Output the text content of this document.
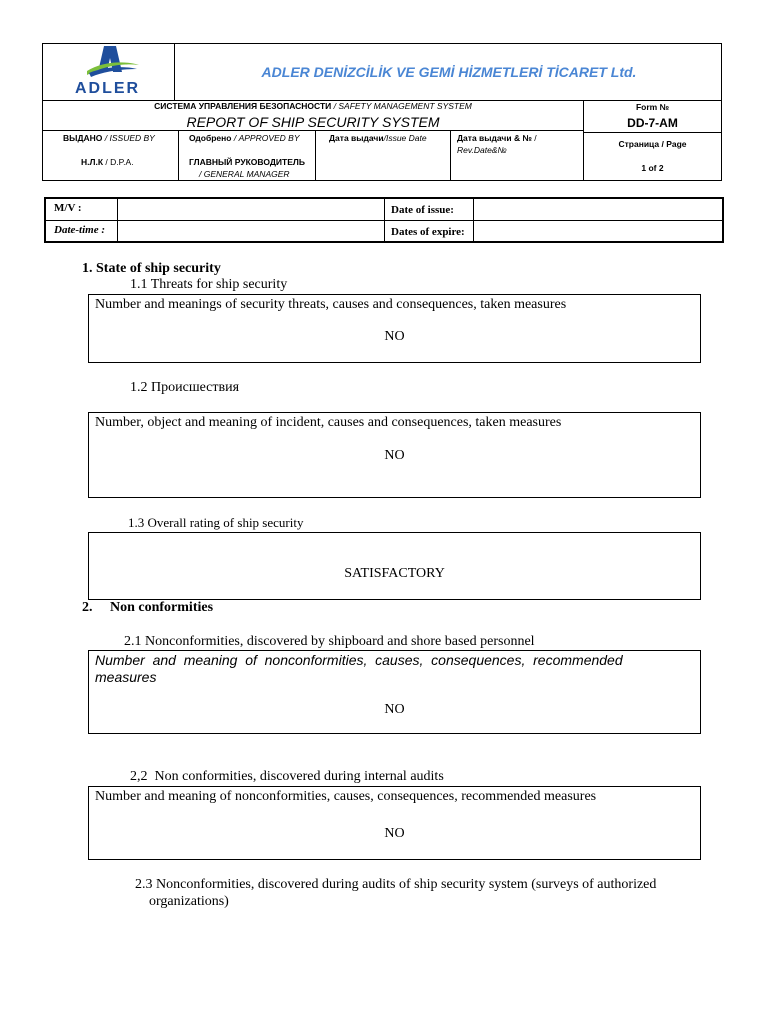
ADLER
ADLER DENİZCİLİK VE GEMİ HİZMETLERİ TİCARET Ltd.
СИСТЕМА УПРАВЛЕНИЯ БЕЗОПАСНОСТИ / SAFETY MANAGEMENT SYSTEM
REPORT OF SHIP SECURITY SYSTEM
Form №
DD-7-AM
ВЫДАНО / ISSUED BY
Н.Л.К / D.P.A.
Одобрено / APPROVED BY
ГЛАВНЫЙ РУКОВОДИТЕЛЬ
/ GENERAL MANAGER
Дата выдачи/Issue Date	Дата выдачи & № /
Rev.Date&№
Страница / Page
1 of 2
M/V :
Date-time :
Date of issue:
Dates of expire:
1. State of ship security
1.1 Threats for ship security
Number and meanings of security threats, causes and consequences, taken measures
NO
1.2 Происшествия
Number, object and meaning of incident, causes and consequences, taken measures
NO
1.3 Overall rating of ship security
SATISFACTORY
2. Non conformities
2.1 Nonconformities, discovered by shipboard and shore based personnel
Number  and  meaning  of  nonconformities,  causes,  consequences,  recommended
measures
NO
2,2  Non conformities, discovered during internal audits
Number and meaning of nonconformities, causes, consequences, recommended measures
NO
2.3 Nonconformities, discovered during audits of ship security system (surveys of authorized
organizations)
